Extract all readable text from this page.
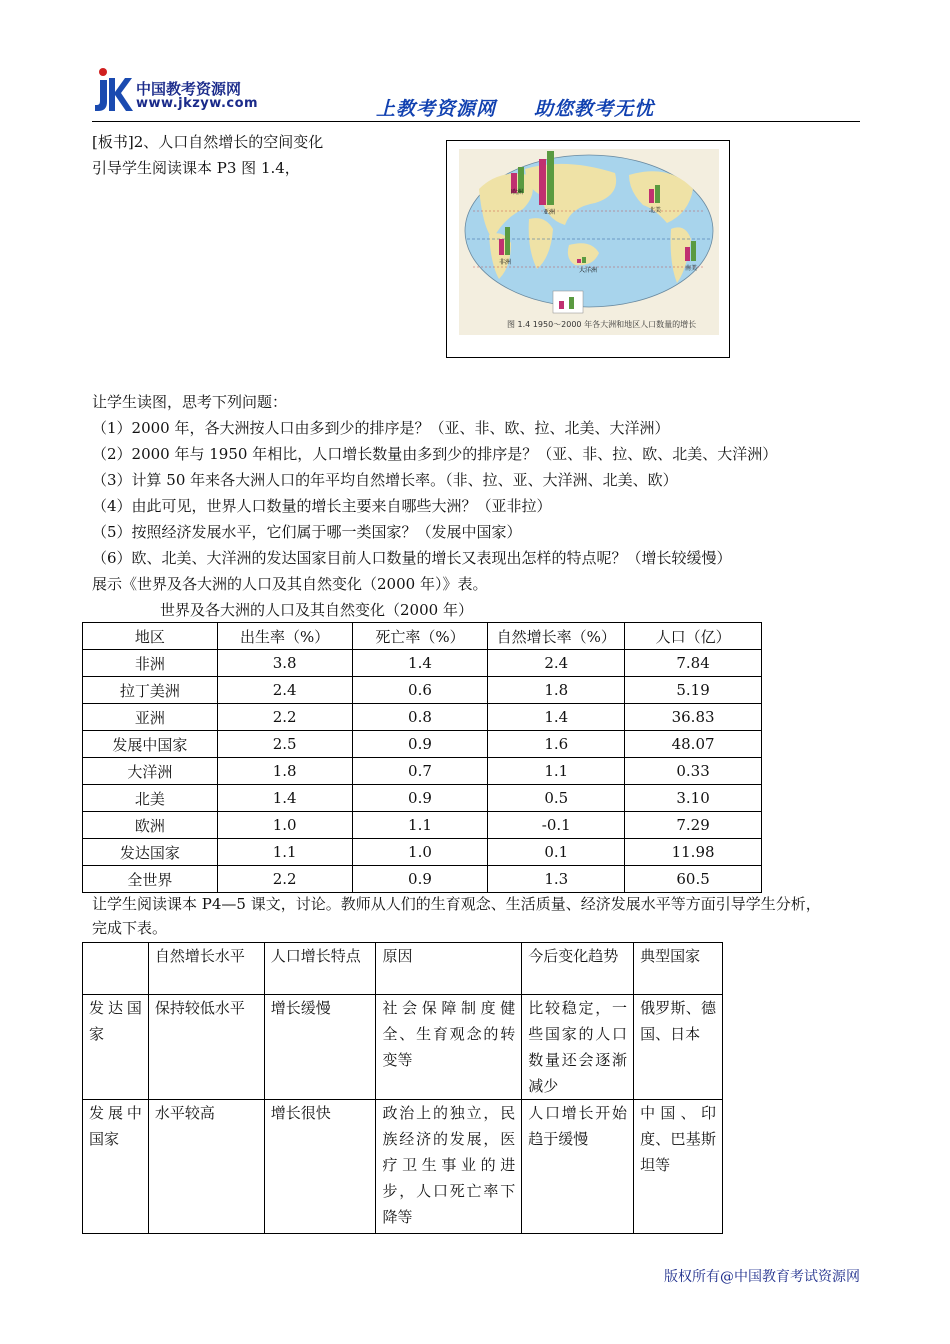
中国教考资源网
www.jkzyw.com	上教考资源网     助您教考无忧
[板书]2、人口自然增长的空间变化
引导学生阅读课本 P3 图 1.4，
图 1.4 1950～2000 年各大洲和地区人口数量的增长
欧洲
亚洲
非洲
北美
南美
大洋洲
让学生读图，思考下列问题：
（1）2000 年，各大洲按人口由多到少的排序是？（亚、非、欧、拉、北美、大洋洲）
（2）2000 年与 1950 年相比，人口增长数量由多到少的排序是？（亚、非、拉、欧、北美、大洋洲）
（3）计算 50 年来各大洲人口的年平均自然增长率。（非、拉、亚、大洋洲、北美、欧）
（4）由此可见，世界人口数量的增长主要来自哪些大洲？（亚非拉）
（5）按照经济发展水平，它们属于哪一类国家？（发展中国家）
（6）欧、北美、大洋洲的发达国家目前人口数量的增长又表现出怎样的特点呢？（增长较缓慢）
展示《世界及各大洲的人口及其自然变化（2000 年）》表。
世界及各大洲的人口及其自然变化（2000 年）
地区	出生率（%）	死亡率（%）	自然增长率（%）	人口（亿）
非洲	3.8	1.4	2.4	7.84
拉丁美洲	2.4	0.6	1.8	5.19
亚洲	2.2	0.8	1.4	36.83
发展中国家	2.5	0.9	1.6	48.07
大洋洲	1.8	0.7	1.1	0.33
北美	1.4	0.9	0.5	3.10
欧洲	1.0	1.1	-0.1	7.29
发达国家	1.1	1.0	0.1	11.98
全世界	2.2	0.9	1.3	60.5
让学生阅读课本 P4—5 课文，讨论。教师从人们的生育观念、生活质量、经济发展水平等方面引导学生分析，
完成下表。
	自然增长水平	人口增长特点	原因	今后变化趋势	典型国家
发达国家	保持较低水平	增长缓慢	社会保障制度健全、生育观念的转变等	比较稳定，一些国家的人口数量还会逐渐减少	俄罗斯、德国、日本
发展中国家	水平较高	增长很快	政治上的独立，民族经济的发展，医疗卫生事业的进步，人口死亡率下降等	人口增长开始趋于缓慢	中国、印度、巴基斯坦等
版权所有@中国教育考试资源网
